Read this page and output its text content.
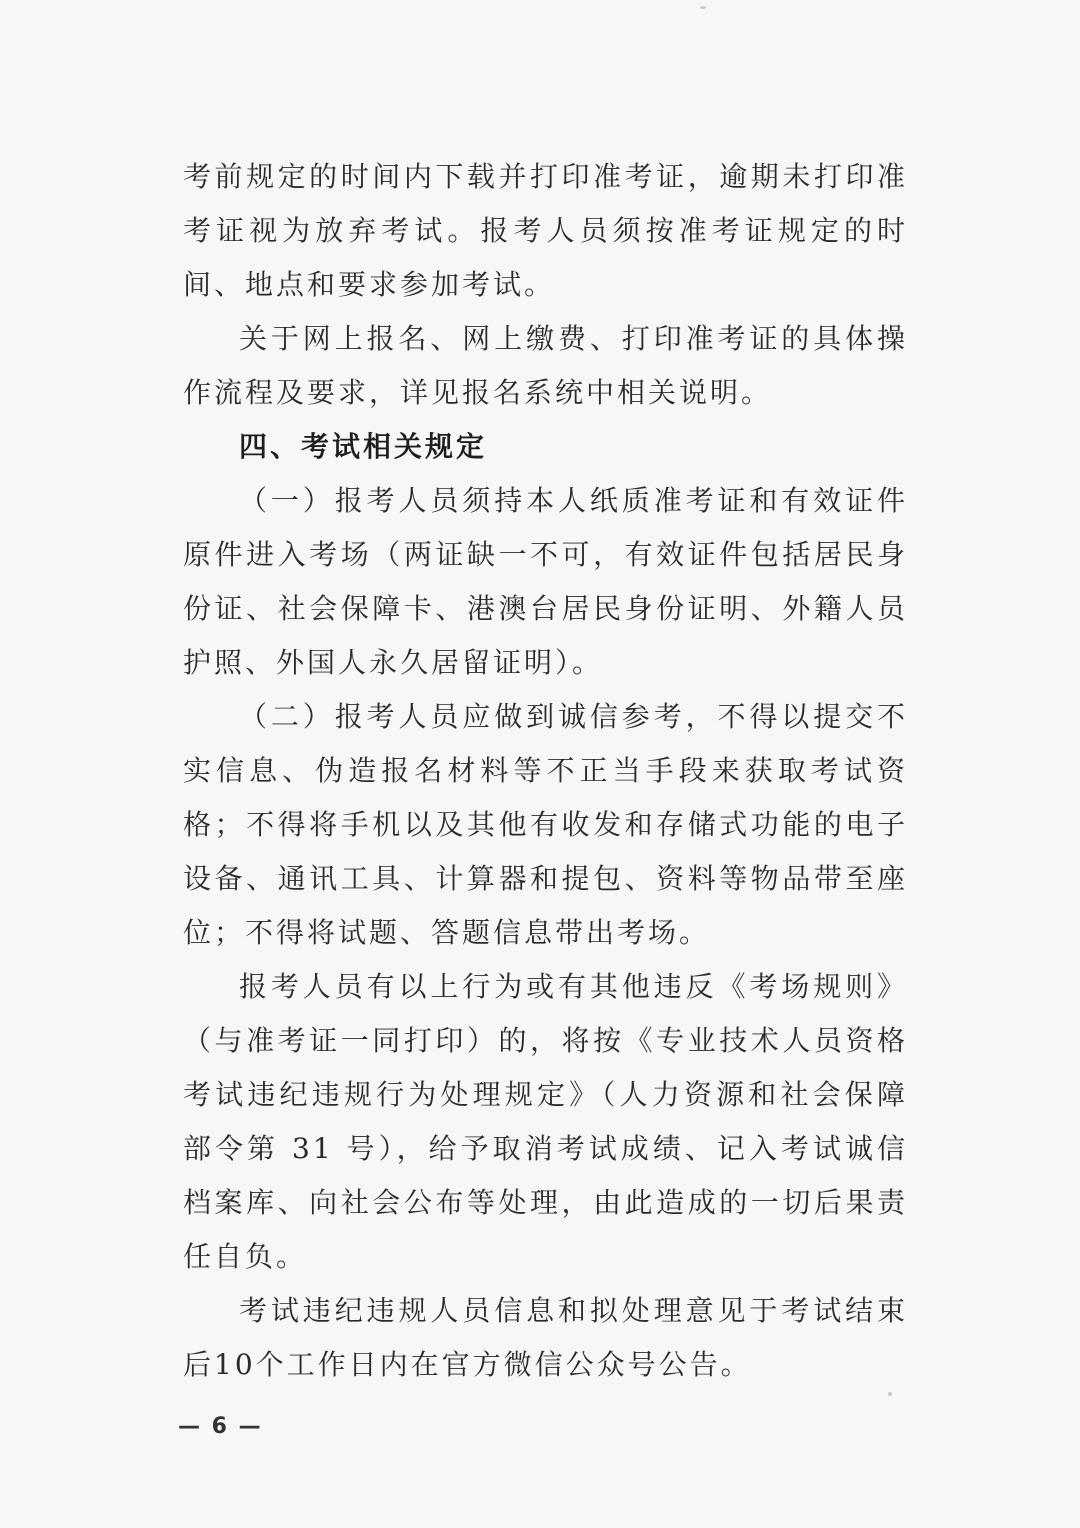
考前规定的时间内下载并打印准考证，逾期未打印准考证视为放弃考试。报考人员须按准考证规定的时间、地点和要求参加考试。

关于网上报名、网上缴费、打印准考证的具体操作流程及要求，详见报名系统中相关说明。

四、考试相关规定

（一）报考人员须持本人纸质准考证和有效证件原件进入考场（两证缺一不可，有效证件包括居民身份证、社会保障卡、港澳台居民身份证明、外籍人员护照、外国人永久居留证明）。

（二）报考人员应做到诚信参考，不得以提交不实信息、伪造报名材料等不正当手段来获取考试资格；不得将手机以及其他有收发和存储式功能的电子设备、通讯工具、计算器和提包、资料等物品带至座位；不得将试题、答题信息带出考场。

报考人员有以上行为或有其他违反《考场规则》（与准考证一同打印）的，将按《专业技术人员资格考试违纪违规行为处理规定》（人力资源和社会保障部令第 31 号），给予取消考试成绩、记入考试诚信档案库、向社会公布等处理，由此造成的一切后果责任自负。

考试违纪违规人员信息和拟处理意见于考试结束后10个工作日内在官方微信公众号公告。

— 6 —
